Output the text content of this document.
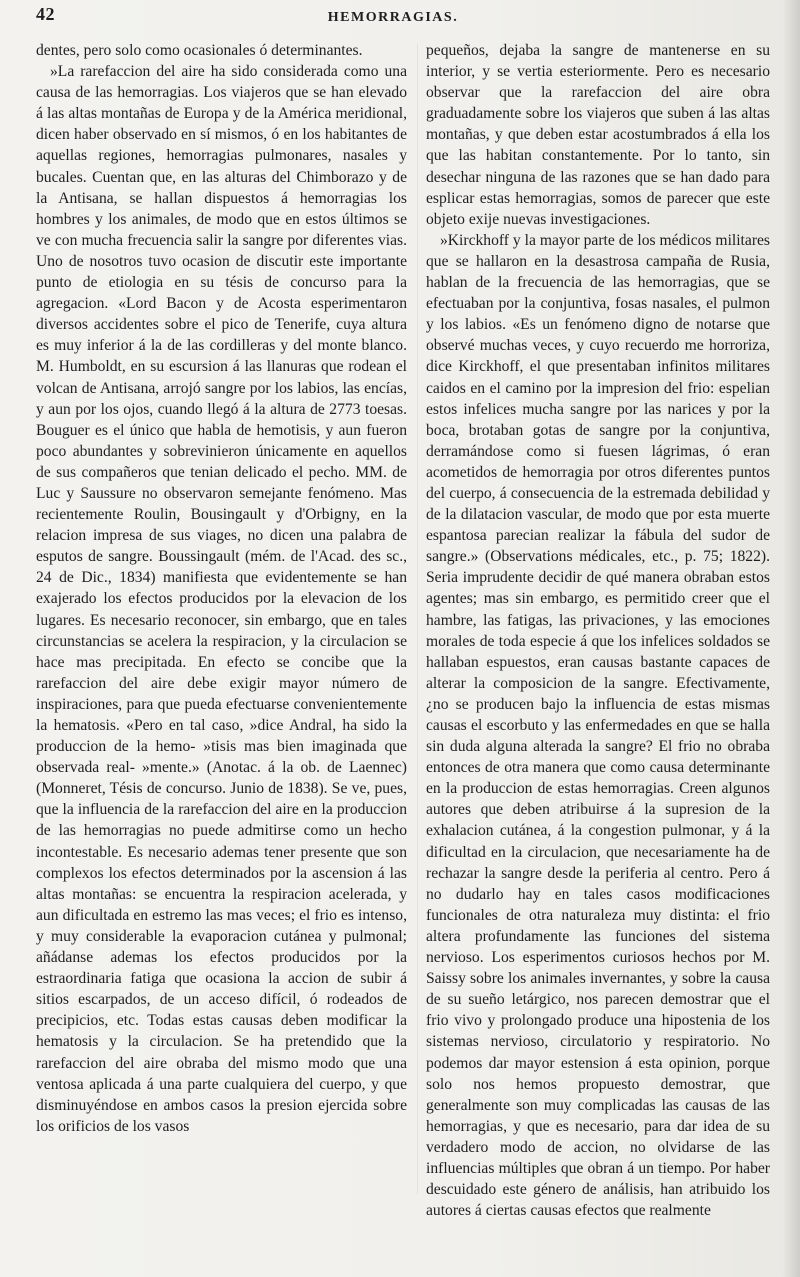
42	HEMORRAGIAS.

dentes, pero solo como ocasionales ó determinantes.

»La rarefaccion del aire ha sido considerada como una causa de las hemorragias. Los viajeros que se han elevado á las altas montañas de Europa y de la América meridional, dicen haber observado en sí mismos, ó en los habitantes de aquellas regiones, hemorragias pulmonares, nasales y bucales. Cuentan que, en las alturas del Chimborazo y de la Antisana, se hallan dispuestos á hemorragias los hombres y los animales, de modo que en estos últimos se ve con mucha frecuencia salir la sangre por diferentes vias. Uno de nosotros tuvo ocasion de discutir este importante punto de etiologia en su tésis de concurso para la agregacion. «Lord Bacon y de Acosta esperimentaron diversos accidentes sobre el pico de Tenerife, cuya altura es muy inferior á la de las cordilleras y del monte blanco. M. Humboldt, en su escursion á las llanuras que rodean el volcan de Antisana, arrojó sangre por los labios, las encías, y aun por los ojos, cuando llegó á la altura de 2773 toesas. Bouguer es el único que habla de hemotisis, y aun fueron poco abundantes y sobrevinieron únicamente en aquellos de sus compañeros que tenian delicado el pecho. MM. de Luc y Saussure no observaron semejante fenómeno. Mas recientemente Roulin, Bousingault y d'Orbigny, en la relacion impresa de sus viages, no dicen una palabra de esputos de sangre. Boussingault (mém. de l'Acad. des sc., 24 de Dic., 1834) manifiesta que evidentemente se han exajerado los efectos producidos por la elevacion de los lugares. Es necesario reconocer, sin embargo, que en tales circunstancias se acelera la respiracion, y la circulacion se hace mas precipitada. En efecto se concibe que la rarefaccion del aire debe exigir mayor número de inspiraciones, para que pueda efectuarse convenientemente la hematosis. «Pero en tal caso, »dice Andral, ha sido la produccion de la hemo- »tisis mas bien imaginada que observada real- »mente.» (Anotac. á la ob. de Laennec) (Monneret, Tésis de concurso. Junio de 1838). Se ve, pues, que la influencia de la rarefaccion del aire en la produccion de las hemorragias no puede admitirse como un hecho incontestable. Es necesario ademas tener presente que son complexos los efectos determinados por la ascension á las altas montañas: se encuentra la respiracion acelerada, y aun dificultada en estremo las mas veces; el frio es intenso, y muy considerable la evaporacion cutánea y pulmonal; añádanse ademas los efectos producidos por la estraordinaria fatiga que ocasiona la accion de subir á sitios escarpados, de un acceso difícil, ó rodeados de precipicios, etc. Todas estas causas deben modificar la hematosis y la circulacion. Se ha pretendido que la rarefaccion del aire obraba del mismo modo que una ventosa aplicada á una parte cualquiera del cuerpo, y que disminuyéndose en ambos casos la presion ejercida sobre los orificios de los vasos

pequeños, dejaba la sangre de mantenerse en su interior, y se vertia esteriormente. Pero es necesario observar que la rarefaccion del aire obra graduadamente sobre los viajeros que suben á las altas montañas, y que deben estar acostumbrados á ella los que las habitan constantemente. Por lo tanto, sin desechar ninguna de las razones que se han dado para esplicar estas hemorragias, somos de parecer que este objeto exije nuevas investigaciones.

»Kirckhoff y la mayor parte de los médicos militares que se hallaron en la desastrosa campaña de Rusia, hablan de la frecuencia de las hemorragias, que se efectuaban por la conjuntiva, fosas nasales, el pulmon y los labios. «Es un fenómeno digno de notarse que observé muchas veces, y cuyo recuerdo me horroriza, dice Kirckhoff, el que presentaban infinitos militares caidos en el camino por la impresion del frio: espelian estos infelices mucha sangre por las narices y por la boca, brotaban gotas de sangre por la conjuntiva, derramándose como si fuesen lágrimas, ó eran acometidos de hemorragia por otros diferentes puntos del cuerpo, á consecuencia de la estremada debilidad y de la dilatacion vascular, de modo que por esta muerte espantosa parecian realizar la fábula del sudor de sangre.» (Observations médicales, etc., p. 75; 1822). Seria imprudente decidir de qué manera obraban estos agentes; mas sin embargo, es permitido creer que el hambre, las fatigas, las privaciones, y las emociones morales de toda especie á que los infelices soldados se hallaban espuestos, eran causas bastante capaces de alterar la composicion de la sangre. Efectivamente, ¿no se producen bajo la influencia de estas mismas causas el escorbuto y las enfermedades en que se halla sin duda alguna alterada la sangre? El frio no obraba entonces de otra manera que como causa determinante en la produccion de estas hemorragias. Creen algunos autores que deben atribuirse á la supresion de la exhalacion cutánea, á la congestion pulmonar, y á la dificultad en la circulacion, que necesariamente ha de rechazar la sangre desde la periferia al centro. Pero á no dudarlo hay en tales casos modificaciones funcionales de otra naturaleza muy distinta: el frio altera profundamente las funciones del sistema nervioso. Los esperimentos curiosos hechos por M. Saissy sobre los animales invernantes, y sobre la causa de su sueño letárgico, nos parecen demostrar que el frio vivo y prolongado produce una hipostenia de los sistemas nervioso, circulatorio y respiratorio. No podemos dar mayor estension á esta opinion, porque solo nos hemos propuesto demostrar, que generalmente son muy complicadas las causas de las hemorragias, y que es necesario, para dar idea de su verdadero modo de accion, no olvidarse de las influencias múltiples que obran á un tiempo. Por haber descuidado este género de análisis, han atribuido los autores á ciertas causas efectos que realmente
